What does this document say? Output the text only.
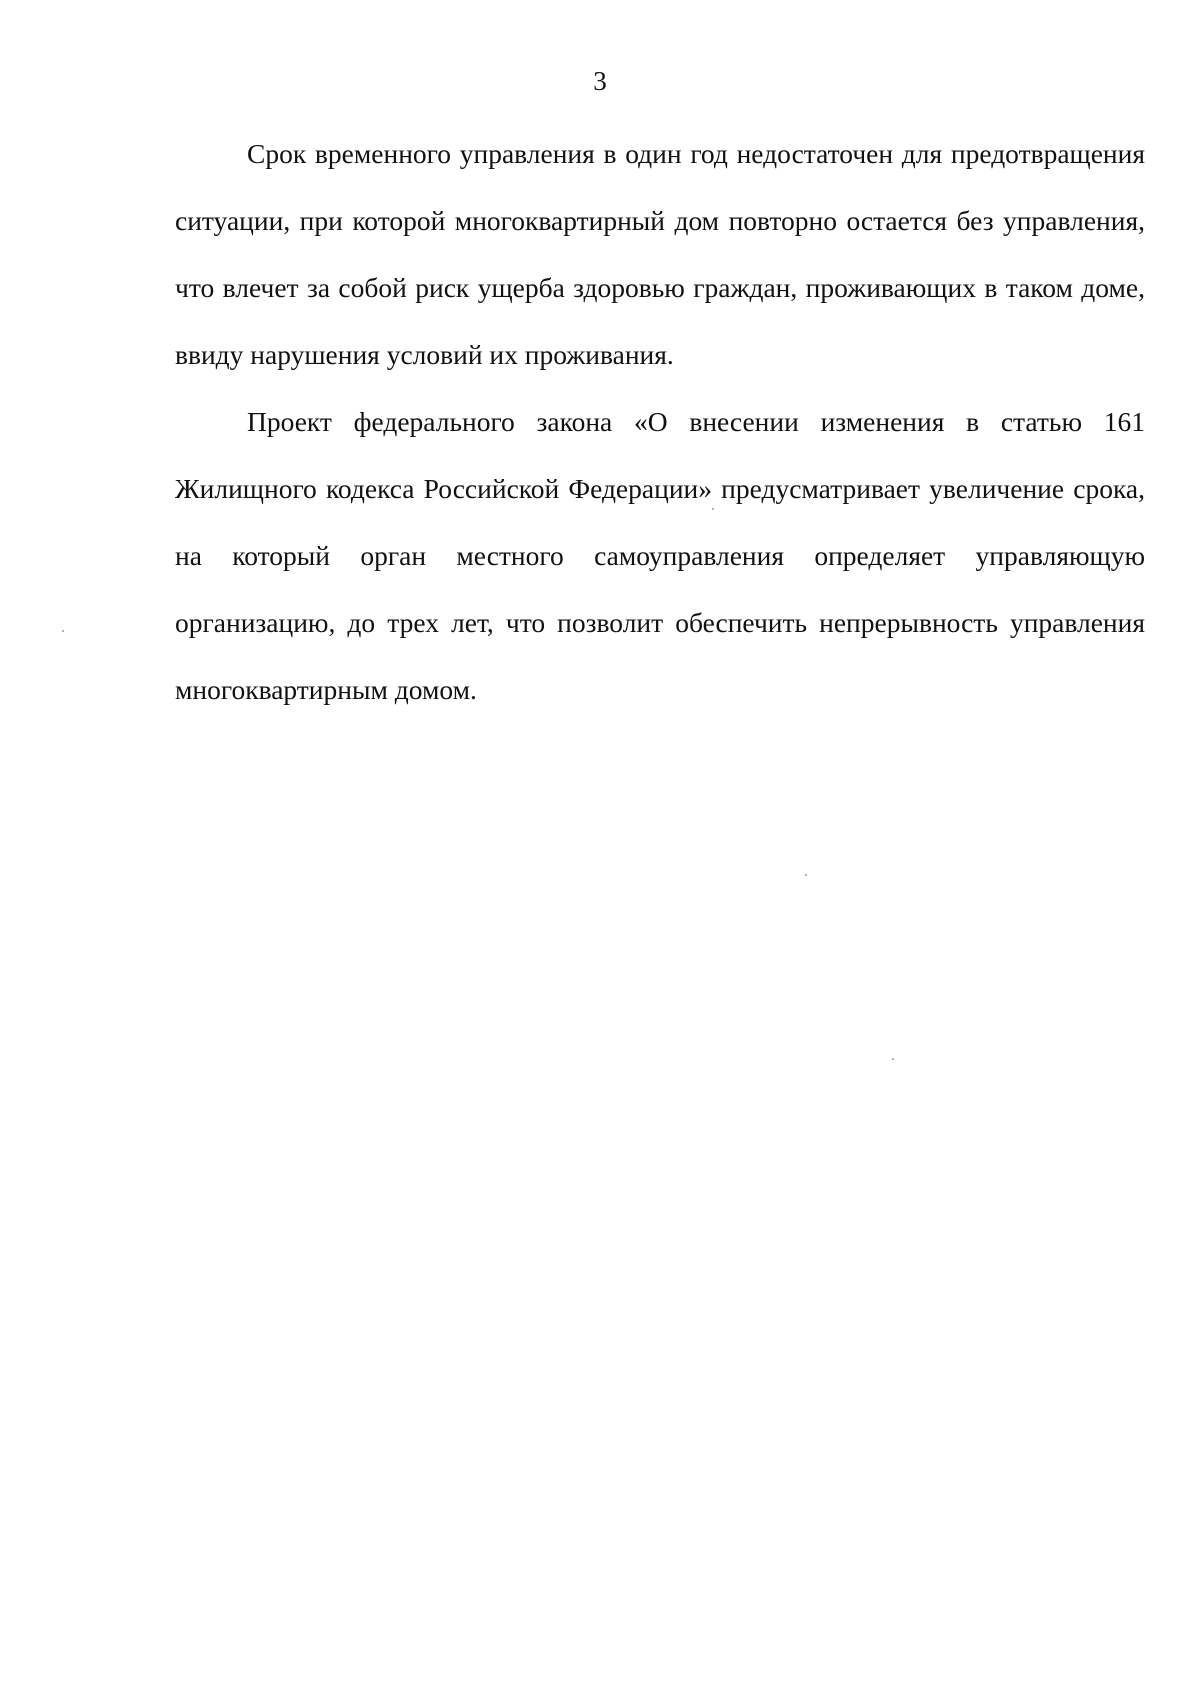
3

Срок временного управления в один год недостаточен для предотвращения ситуации, при которой многоквартирный дом повторно остается без управления, что влечет за собой риск ущерба здоровью граждан, проживающих в таком доме, ввиду нарушения условий их проживания.

Проект федерального закона «О внесении изменения в статью 161 Жилищного кодекса Российской Федерации» предусматривает увеличение срока, на который орган местного самоуправления определяет управляющую организацию, до трех лет, что позволит обеспечить непрерывность управления многоквартирным домом.
